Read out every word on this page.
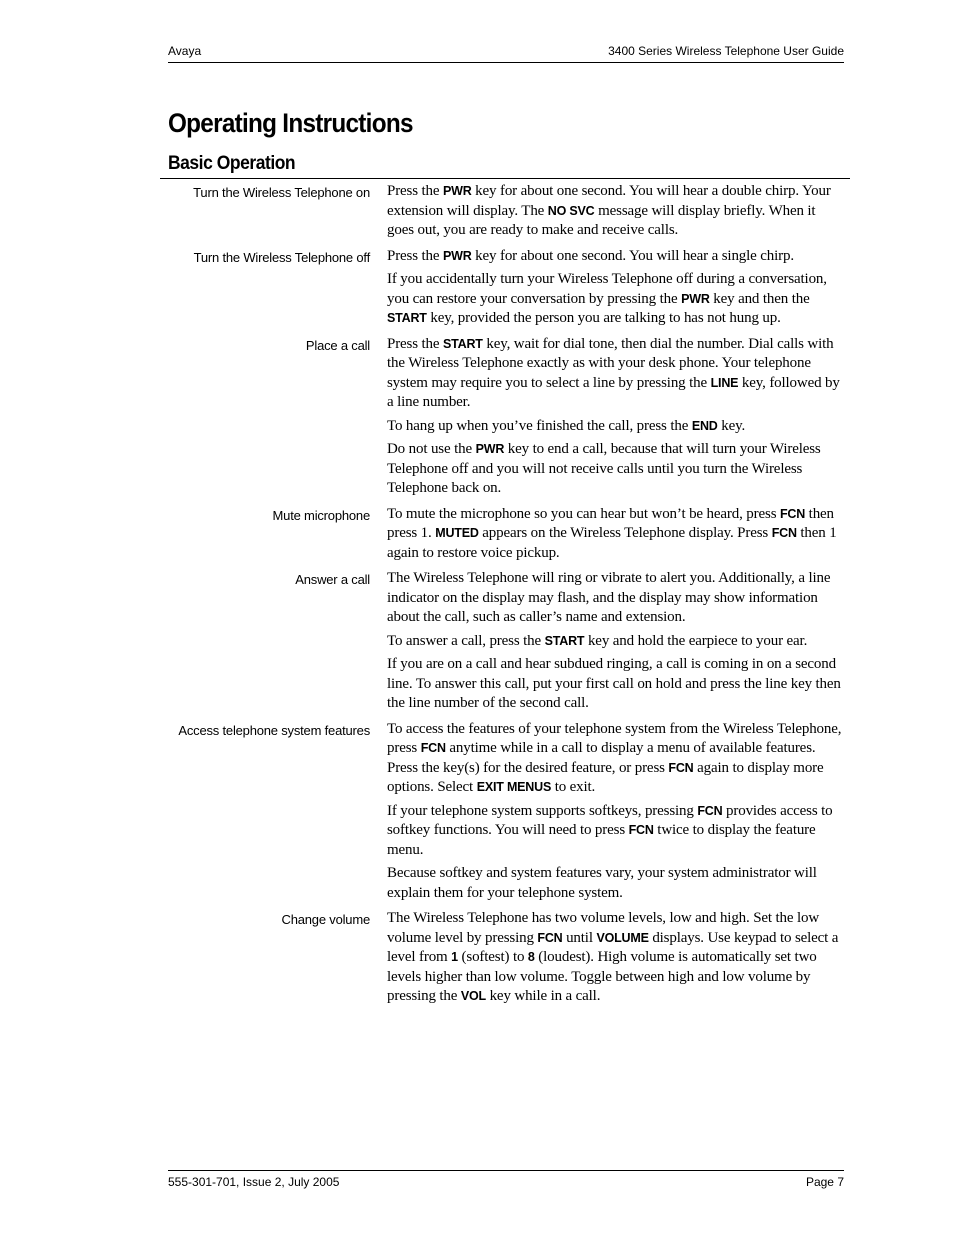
Avaya	3400 Series Wireless Telephone User Guide
Operating Instructions
Basic Operation
Turn the Wireless Telephone on Press the PWR key for about one second. You will hear a double chirp. Your extension will display. The NO SVC message will display briefly. When it goes out, you are ready to make and receive calls.

Turn the Wireless Telephone off Press the PWR key for about one second. You will hear a single chirp.

If you accidentally turn your Wireless Telephone off during a conversation, you can restore your conversation by pressing the PWR key and then the START key, provided the person you are talking to has not hung up.

Place a call Press the START key, wait for dial tone, then dial the number. Dial calls with the Wireless Telephone exactly as with your desk phone. Your telephone system may require you to select a line by pressing the LINE key, followed by a line number.

To hang up when you’ve finished the call, press the END key.

Do not use the PWR key to end a call, because that will turn your Wireless Telephone off and you will not receive calls until you turn the Wireless Telephone back on.

Mute microphone To mute the microphone so you can hear but won’t be heard, press FCN then press 1. MUTED appears on the Wireless Telephone display. Press FCN then 1 again to restore voice pickup.

Answer a call The Wireless Telephone will ring or vibrate to alert you. Additionally, a line indicator on the display may flash, and the display may show information about the call, such as caller’s name and extension.

To answer a call, press the START key and hold the earpiece to your ear.

If you are on a call and hear subdued ringing, a call is coming in on a second line. To answer this call, put your first call on hold and press the line key then the line number of the second call.

Access telephone system features To access the features of your telephone system from the Wireless Telephone, press FCN anytime while in a call to display a menu of available features. Press the key(s) for the desired feature, or press FCN again to display more options. Select EXIT MENUS to exit.

If your telephone system supports softkeys, pressing FCN provides access to softkey functions. You will need to press FCN twice to display the feature menu.

Because softkey and system features vary, your system administrator will explain them for your telephone system.

Change volume The Wireless Telephone has two volume levels, low and high. Set the low volume level by pressing FCN until VOLUME displays. Use keypad to select a level from 1 (softest) to 8 (loudest). High volume is automatically set two levels higher than low volume. Toggle between high and low volume by pressing the VOL key while in a call.

555-301-701, Issue 2, July 2005	Page 7
